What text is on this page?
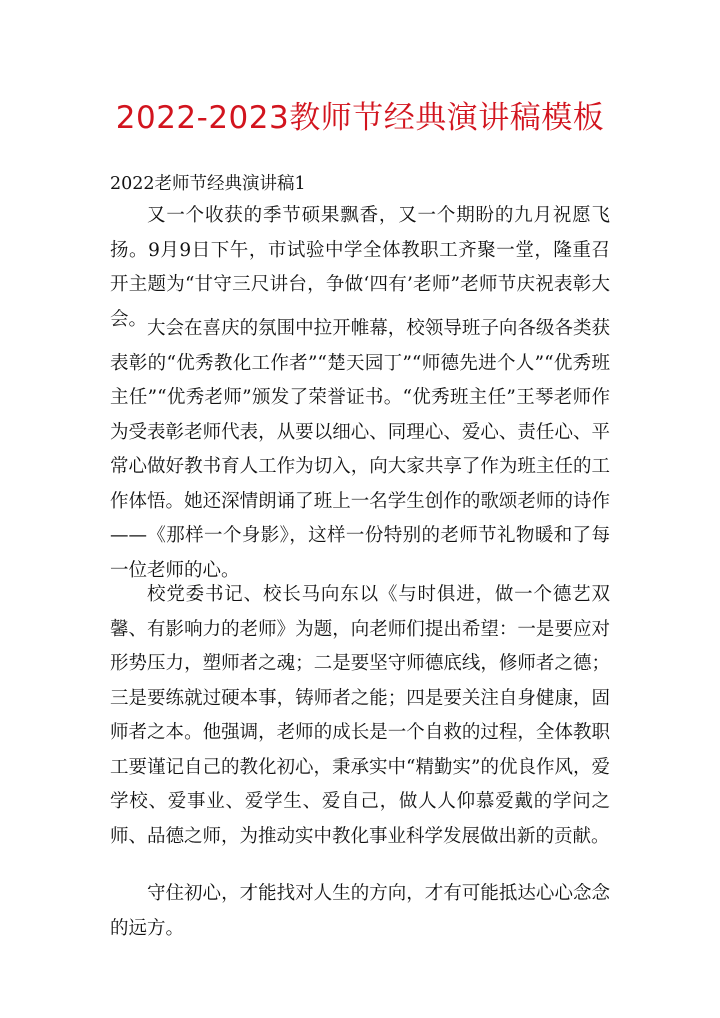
2022-2023教师节经典演讲稿模板
2022老师节经典演讲稿1

又一个收获的季节硕果飘香，又一个期盼的九月祝愿飞扬。9月9日下午，市试验中学全体教职工齐聚一堂，隆重召开主题为“甘守三尺讲台，争做‘四有’老师”老师节庆祝表彰大会。 大会在喜庆的氛围中拉开帷幕，校领导班子向各级各类获表彰的“优秀教化工作者”“楚天园丁”“师德先进个人”“优秀班主任”“优秀老师”颁发了荣誉证书。“优秀班主任”王琴老师作为受表彰老师代表，从要以细心、同理心、爱心、责任心、平常心做好教书育人工作为切入，向大家共享了作为班主任的工作体悟。她还深情朗诵了班上一名学生创作的歌颂老师的诗作——《那样一个身影》，这样一份特别的老师节礼物暖和了每一位老师的心。

校党委书记、校长马向东以《与时俱进，做一个德艺双馨、有影响力的老师》为题，向老师们提出希望：一是要应对形势压力，塑师者之魂；二是要坚守师德底线，修师者之德；三是要练就过硬本事，铸师者之能；四是要关注自身健康，固师者之本。他强调，老师的成长是一个自救的过程，全体教职工要谨记自己的教化初心，秉承实中“精勤实”的优良作风，爱学校、爱事业、爱学生、爱自己，做人人仰慕爱戴的学问之师、品德之师，为推动实中教化事业科学发展做出新的贡献。

守住初心，才能找对人生的方向，才有可能抵达心心念念的远方。
